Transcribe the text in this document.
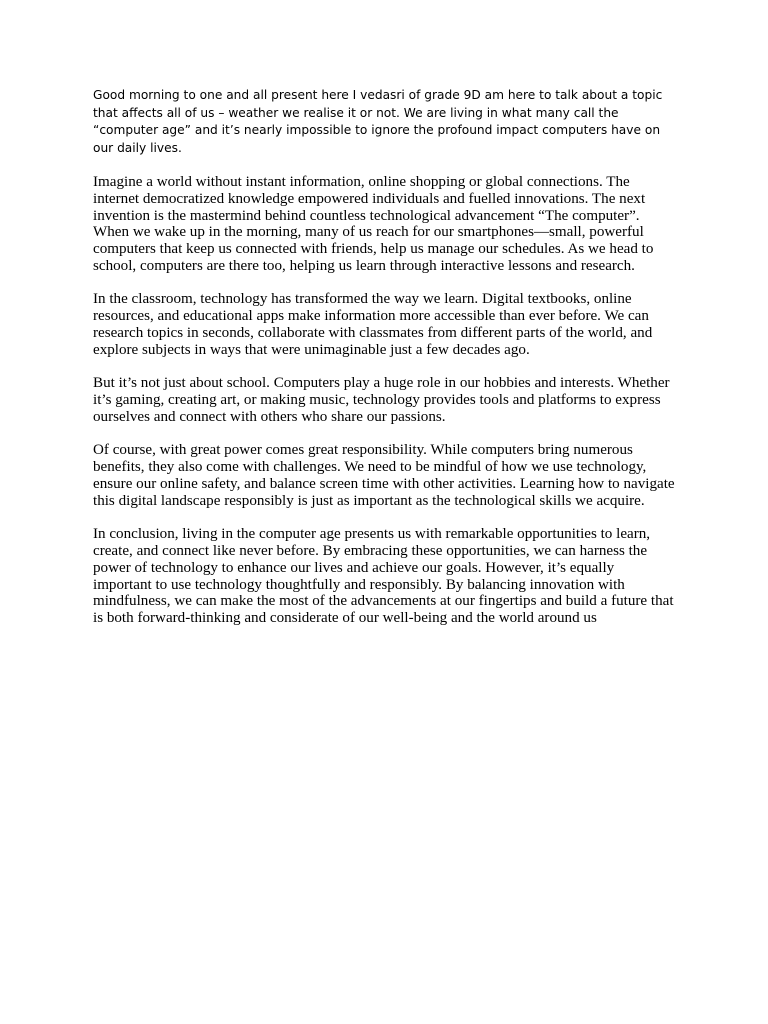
Good morning to one and all present here I vedasri of grade 9D am here to talk about a topic that affects all of us – weather we realise it or not. We are living in what many call the “computer age” and it’s nearly impossible to ignore the profound impact computers have on our daily lives.

Imagine a world without instant information, online shopping or global connections. The internet democratized knowledge empowered individuals and fuelled innovations. The next invention is the mastermind behind countless technological advancement “The computer”. When we wake up in the morning, many of us reach for our smartphones—small, powerful computers that keep us connected with friends, help us manage our schedules. As we head to school, computers are there too, helping us learn through interactive lessons and research.

In the classroom, technology has transformed the way we learn. Digital textbooks, online resources, and educational apps make information more accessible than ever before. We can research topics in seconds, collaborate with classmates from different parts of the world, and explore subjects in ways that were unimaginable just a few decades ago.

But it’s not just about school. Computers play a huge role in our hobbies and interests. Whether it’s gaming, creating art, or making music, technology provides tools and platforms to express ourselves and connect with others who share our passions.

Of course, with great power comes great responsibility. While computers bring numerous benefits, they also come with challenges. We need to be mindful of how we use technology, ensure our online safety, and balance screen time with other activities. Learning how to navigate this digital landscape responsibly is just as important as the technological skills we acquire.

In conclusion, living in the computer age presents us with remarkable opportunities to learn, create, and connect like never before. By embracing these opportunities, we can harness the power of technology to enhance our lives and achieve our goals. However, it’s equally important to use technology thoughtfully and responsibly. By balancing innovation with mindfulness, we can make the most of the advancements at our fingertips and build a future that is both forward-thinking and considerate of our well-being and the world around us
